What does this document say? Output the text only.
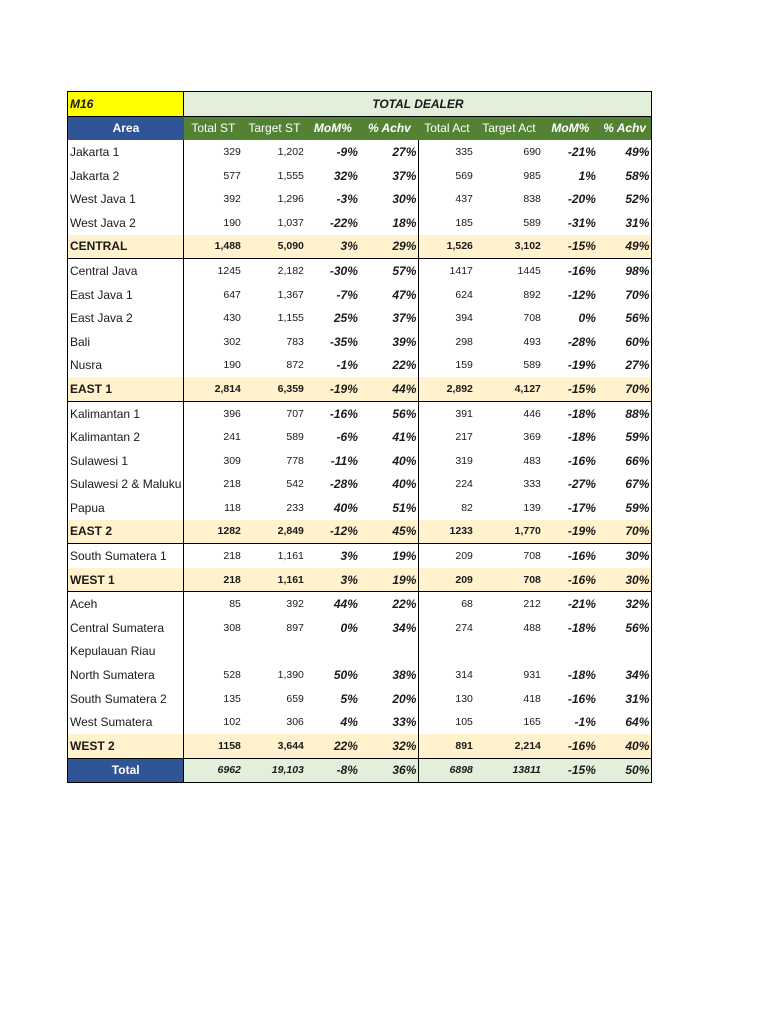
M16	TOTAL DEALER							
Area	Total ST	Target ST	MoM%	% Achv	Total Act	Target Act	MoM%	% Achv
Jakarta 1	329	1,202	-9%	27%	335	690	-21%	49%
Jakarta 2	577	1,555	32%	37%	569	985	1%	58%
West Java 1	392	1,296	-3%	30%	437	838	-20%	52%
West Java 2	190	1,037	-22%	18%	185	589	-31%	31%
CENTRAL	1,488	5,090	3%	29%	1,526	3,102	-15%	49%
Central Java	1245	2,182	-30%	57%	1417	1445	-16%	98%
East Java 1	647	1,367	-7%	47%	624	892	-12%	70%
East Java 2	430	1,155	25%	37%	394	708	0%	56%
Bali	302	783	-35%	39%	298	493	-28%	60%
Nusra	190	872	-1%	22%	159	589	-19%	27%
EAST 1	2,814	6,359	-19%	44%	2,892	4,127	-15%	70%
Kalimantan 1	396	707	-16%	56%	391	446	-18%	88%
Kalimantan 2	241	589	-6%	41%	217	369	-18%	59%
Sulawesi 1	309	778	-11%	40%	319	483	-16%	66%
Sulawesi 2 & Maluku	218	542	-28%	40%	224	333	-27%	67%
Papua	118	233	40%	51%	82	139	-17%	59%
EAST 2	1282	2,849	-12%	45%	1233	1,770	-19%	70%
South Sumatera 1	218	1,161	3%	19%	209	708	-16%	30%
WEST 1	218	1,161	3%	19%	209	708	-16%	30%
Aceh	85	392	44%	22%	68	212	-21%	32%
Central Sumatera	308	897	0%	34%	274	488	-18%	56%
Kepulauan Riau								
North Sumatera	528	1,390	50%	38%	314	931	-18%	34%
South Sumatera 2	135	659	5%	20%	130	418	-16%	31%
West Sumatera	102	306	4%	33%	105	165	-1%	64%
WEST 2	1158	3,644	22%	32%	891	2,214	-16%	40%
Total	6962	19,103	-8%	36%	6898	13811	-15%	50%
